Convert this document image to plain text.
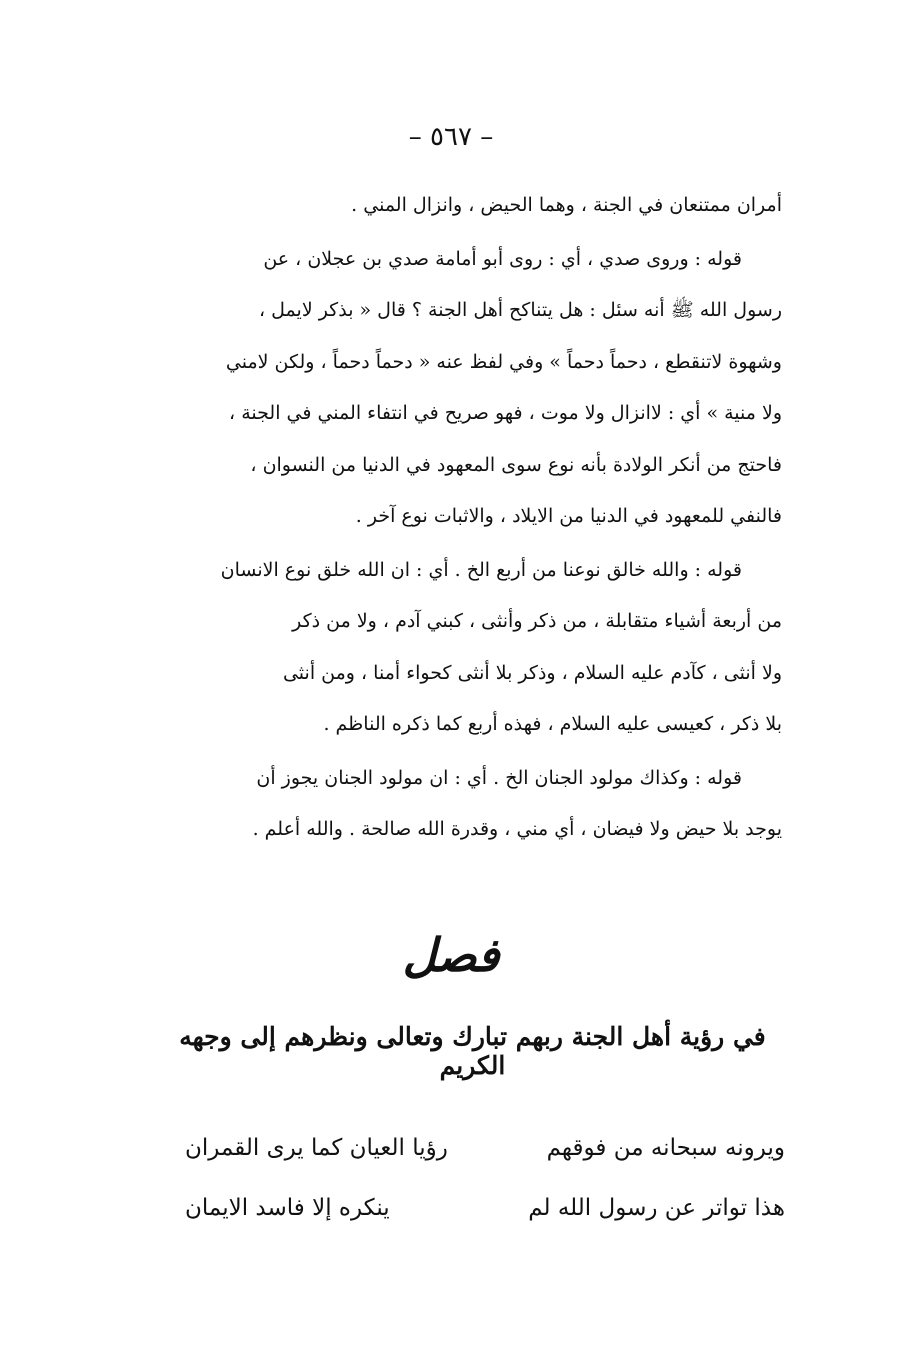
– ٥٦٧ –

أمران ممتنعان في الجنة ، وهما الحيض ، وانزال المني .

قوله : وروى صدي ، أي : روى أبو أمامة صدي بن عجلان ، عن

رسول الله ﷺ أنه سئل : هل يتناكح أهل الجنة ؟ قال « بذكر لايمل ،

وشهوة لاتنقطع ، دحماً دحماً » وفي لفظ عنه « دحماً دحماً ، ولكن لامني

ولا منية » أي : لاانزال ولا موت ، فهو صريح في انتفاء المني في الجنة ،

فاحتج من أنكر الولادة بأنه نوع سوى المعهود في الدنيا من النسوان ،

فالنفي للمعهود في الدنيا من الايلاد ، والاثبات نوع آخر .

قوله : والله خالق نوعنا من أربع الخ . أي : ان الله خلق نوع الانسان

من أربعة أشياء متقابلة ، من ذكر وأنثى ، كبني آدم ، ولا من ذكر

ولا أنثى ، كآدم عليه السلام ، وذكر بلا أنثى كحواء أمنا ، ومن أنثى

بلا ذكر ، كعيسى عليه السلام ، فهذه أربع كما ذكره الناظم .

قوله : وكذاك مولود الجنان الخ . أي : ان مولود الجنان يجوز أن

يوجد بلا حيض ولا فيضان ، أي مني ، وقدرة الله صالحة . والله أعلم .

فصل
في رؤية أهل الجنة ربهم تبارك وتعالى ونظرهم إلى وجهه الكريم
ويرونه سبحانه من فوقهم
رؤيا العيان كما يرى القمران
هذا تواتر عن رسول الله لم
ينكره إلا فاسد الايمان
